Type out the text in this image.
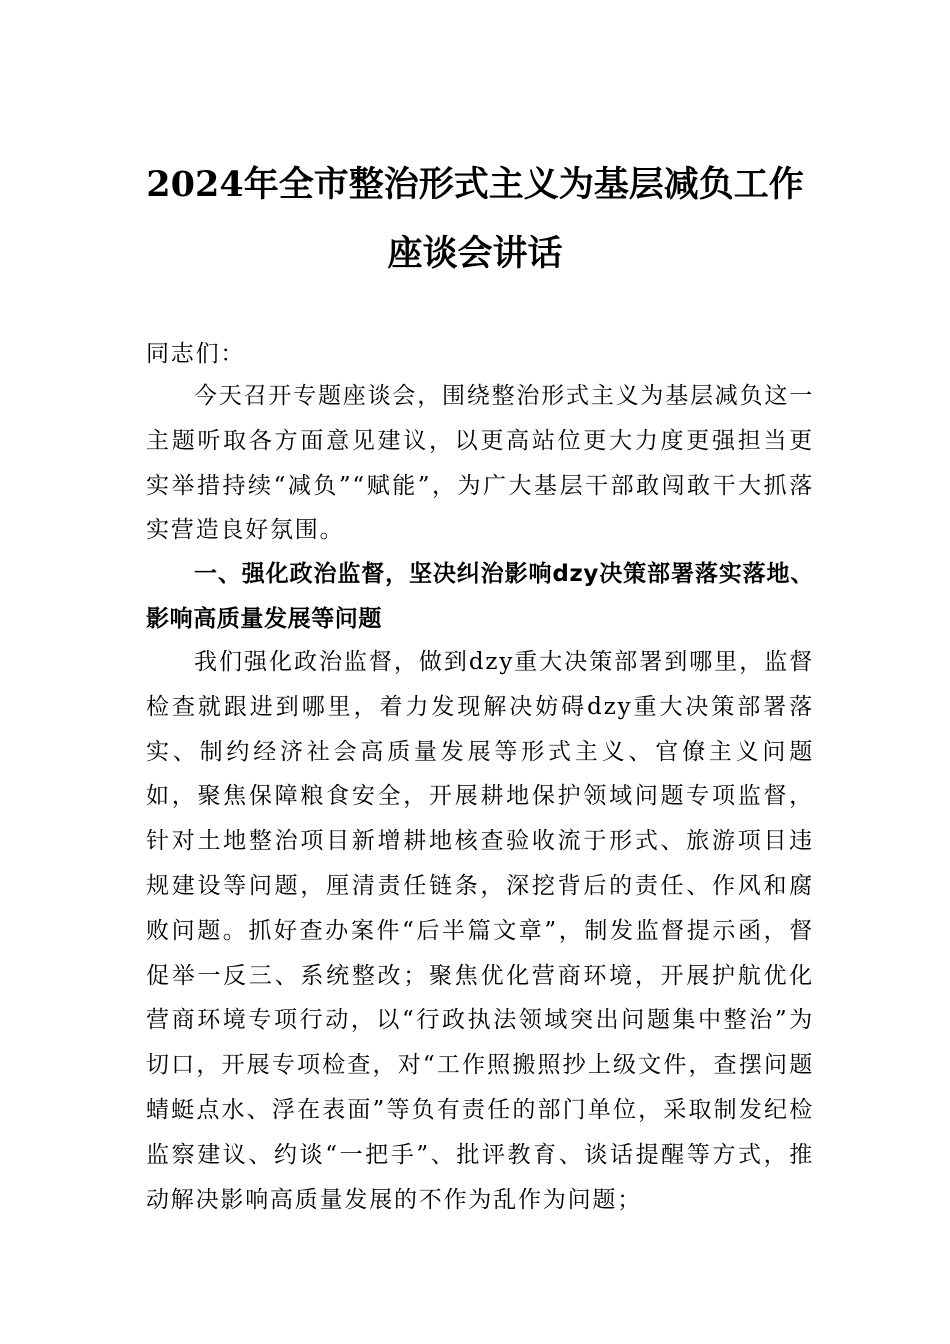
2024年全市整治形式主义为基层减负工作
座谈会讲话

同志们：

今天召开专题座谈会，围绕整治形式主义为基层减负这一主题听取各方面意见建议，以更高站位更大力度更强担当更实举措持续“减负”“赋能”，为广大基层干部敢闯敢干大抓落实营造良好氛围。

一、强化政治监督，坚决纠治影响dzy决策部署落实落地、影响高质量发展等问题

我们强化政治监督，做到dzy重大决策部署到哪里，监督检查就跟进到哪里，着力发现解决妨碍dzy重大决策部署落实、制约经济社会高质量发展等形式主义、官僚主义问题如，聚焦保障粮食安全，开展耕地保护领域问题专项监督，针对土地整治项目新增耕地核查验收流于形式、旅游项目违规建设等问题，厘清责任链条，深挖背后的责任、作风和腐败问题。抓好查办案件“后半篇文章”，制发监督提示函，督促举一反三、系统整改；聚焦优化营商环境，开展护航优化营商环境专项行动，以“行政执法领域突出问题集中整治”为切口，开展专项检查，对“工作照搬照抄上级文件，查摆问题蜻蜓点水、浮在表面”等负有责任的部门单位，采取制发纪检监察建议、约谈“一把手”、批评教育、谈话提醒等方式，推动解决影响高质量发展的不作为乱作为问题；
